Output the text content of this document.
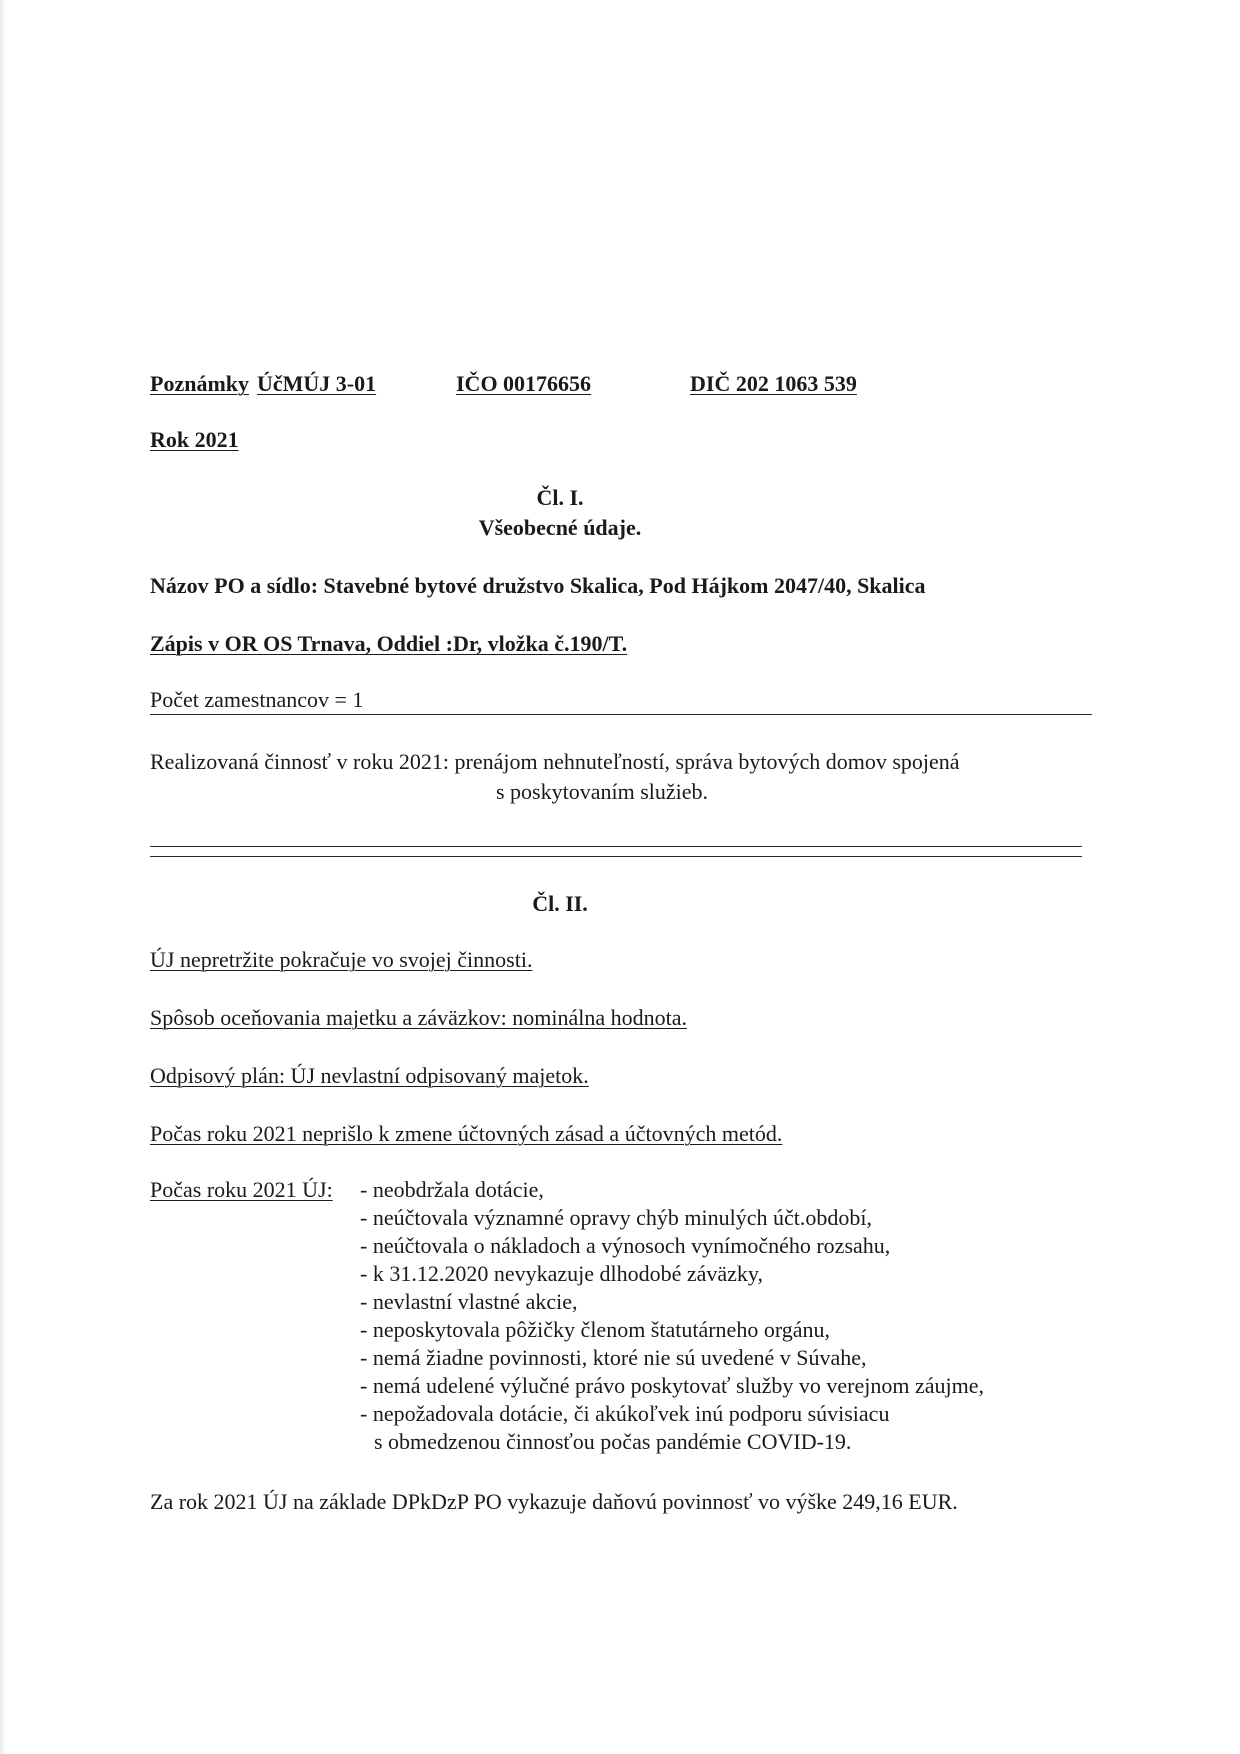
Poznámky ÚčMÚJ 3-01	IČO 00176656	DIČ 202 1063 539
Rok 2021
Čl. I.
Všeobecné údaje.
Názov PO a sídlo: Stavebné bytové družstvo Skalica, Pod Hájkom 2047/40, Skalica
Zápis v OR OS Trnava, Oddiel :Dr, vložka č.190/T.
Počet zamestnancov = 1
Realizovaná činnosť v roku 2021: prenájom nehnuteľností, správa bytových domov spojená
s poskytovaním služieb.
Čl. II.
ÚJ nepretržite pokračuje vo svojej činnosti.
Spôsob oceňovania majetku a záväzkov: nominálna hodnota.
Odpisový plán: ÚJ nevlastní odpisovaný majetok.
Počas roku 2021 neprišlo k zmene účtovných zásad a účtovných metód.
Počas roku 2021 ÚJ: - neobdržala dotácie,
- neúčtovala významné opravy chýb minulých účt.období,
- neúčtovala o nákladoch a výnosoch vynímočného rozsahu,
- k 31.12.2020 nevykazuje dlhodobé záväzky,
- nevlastní vlastné akcie,
- neposkytovala pôžičky členom štatutárneho orgánu,
- nemá žiadne povinnosti, ktoré nie sú uvedené v Súvahe,
- nemá udelené výlučné právo poskytovať služby vo verejnom záujme,
- nepožadovala dotácie, či akúkoľvek inú podporu súvisiacu
s obmedzenou činnosťou počas pandémie COVID-19.
Za rok 2021 ÚJ na základe DPkDzP PO vykazuje daňovú povinnosť vo výške 249,16 EUR.
